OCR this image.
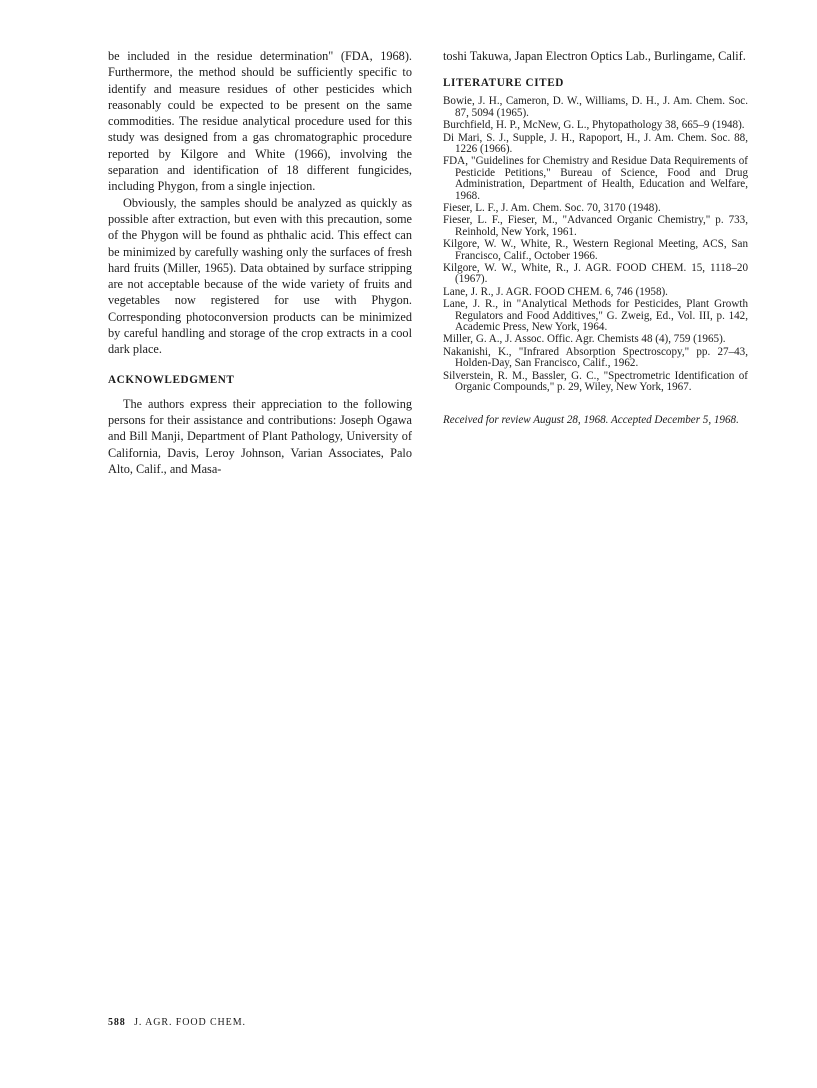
be included in the residue determination" (FDA, 1968). Furthermore, the method should be sufficiently specific to identify and measure residues of other pesticides which reasonably could be expected to be present on the same commodities. The residue analytical procedure used for this study was designed from a gas chromatographic procedure reported by Kilgore and White (1966), involving the separation and identification of 18 different fungicides, including Phygon, from a single injection.

Obviously, the samples should be analyzed as quickly as possible after extraction, but even with this precaution, some of the Phygon will be found as phthalic acid. This effect can be minimized by carefully washing only the surfaces of fresh hard fruits (Miller, 1965). Data obtained by surface stripping are not acceptable because of the wide variety of fruits and vegetables now registered for use with Phygon. Corresponding photoconversion products can be minimized by careful handling and storage of the crop extracts in a cool dark place.

ACKNOWLEDGMENT

The authors express their appreciation to the following persons for their assistance and contributions: Joseph Ogawa and Bill Manji, Department of Plant Pathology, University of California, Davis, Leroy Johnson, Varian Associates, Palo Alto, Calif., and Masa-

toshi Takuwa, Japan Electron Optics Lab., Burlingame, Calif.

LITERATURE CITED
Bowie, J. H., Cameron, D. W., Williams, D. H., J. Am. Chem. Soc. 87, 5094 (1965).
Burchfield, H. P., McNew, G. L., Phytopathology 38, 665–9 (1948).
Di Mari, S. J., Supple, J. H., Rapoport, H., J. Am. Chem. Soc. 88, 1226 (1966).
FDA, "Guidelines for Chemistry and Residue Data Requirements of Pesticide Petitions," Bureau of Science, Food and Drug Administration, Department of Health, Education and Welfare, 1968.
Fieser, L. F., J. Am. Chem. Soc. 70, 3170 (1948).
Fieser, L. F., Fieser, M., "Advanced Organic Chemistry," p. 733, Reinhold, New York, 1961.
Kilgore, W. W., White, R., Western Regional Meeting, ACS, San Francisco, Calif., October 1966.
Kilgore, W. W., White, R., J. AGR. FOOD CHEM. 15, 1118–20 (1967).
Lane, J. R., J. AGR. FOOD CHEM. 6, 746 (1958).
Lane, J. R., in "Analytical Methods for Pesticides, Plant Growth Regulators and Food Additives," G. Zweig, Ed., Vol. III, p. 142, Academic Press, New York, 1964.
Miller, G. A., J. Assoc. Offic. Agr. Chemists 48 (4), 759 (1965).
Nakanishi, K., "Infrared Absorption Spectroscopy," pp. 27–43, Holden-Day, San Francisco, Calif., 1962.
Silverstein, R. M., Bassler, G. C., "Spectrometric Identification of Organic Compounds," p. 29, Wiley, New York, 1967.

Received for review August 28, 1968. Accepted December 5, 1968.

588 J. AGR. FOOD CHEM.
